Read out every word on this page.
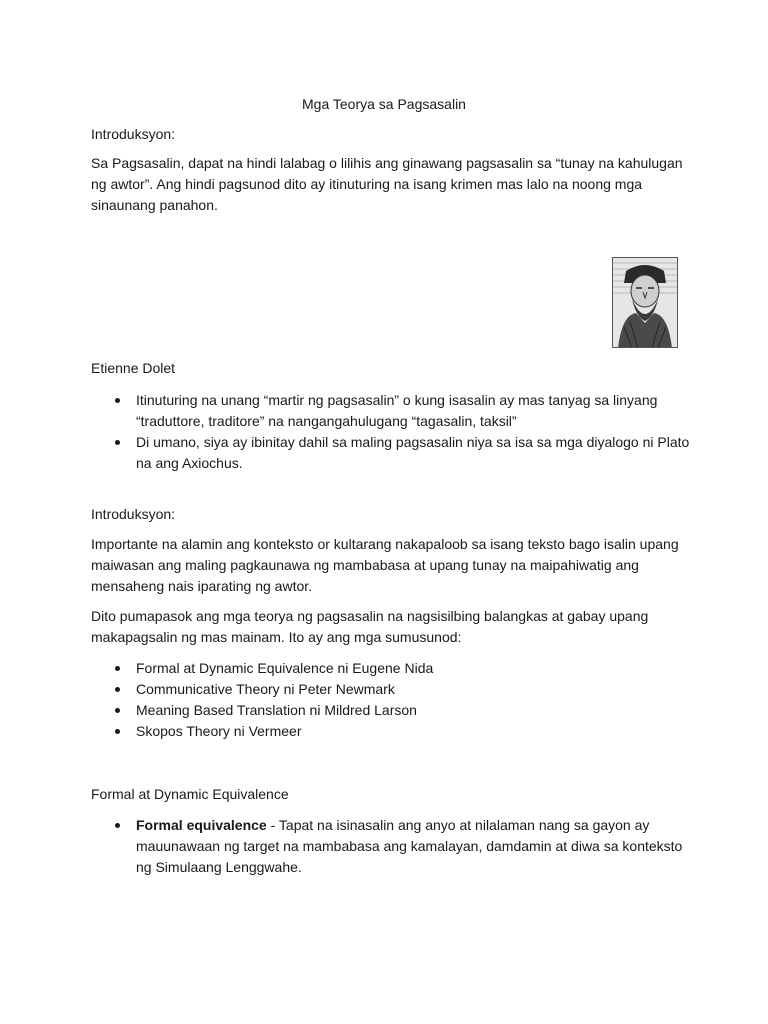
Mga Teorya sa Pagsasalin
Introduksyon:

Sa Pagsasalin, dapat na hindi lalabag o lilihis ang ginawang pagsasalin sa “tunay na kahulugan ng awtor”. Ang hindi pagsunod dito ay itinuturing na isang krimen mas lalo na noong mga sinaunang panahon.

Etienne Dolet
Itinuturing na unang “martir ng pagsasalin” o kung isasalin ay mas tanyag sa linyang “traduttore, traditore” na nangangahulugang “tagasalin, taksil”
Di umano, siya ay ibinitay dahil sa maling pagsasalin niya sa isa sa mga diyalogo ni Plato na ang Axiochus.
Introduksyon:

Importante na alamin ang konteksto or kultarang nakapaloob sa isang teksto bago isalin upang maiwasan ang maling pagkaunawa ng mambabasa at upang tunay na maipahiwatig ang mensaheng nais iparating ng awtor.

Dito pumapasok ang mga teorya ng pagsasalin na nagsisilbing balangkas at gabay upang makapagsalin ng mas mainam. Ito ay ang mga sumusunod:

Formal at Dynamic Equivalence ni Eugene Nida
Communicative Theory ni Peter Newmark
Meaning Based Translation ni Mildred Larson
Skopos Theory ni Vermeer
Formal at Dynamic Equivalence
Formal equivalence - Tapat na isinasalin ang anyo at nilalaman nang sa gayon ay mauunawaan ng target na mambabasa ang kamalayan, damdamin at diwa sa konteksto ng Simulaang Lenggwahe.
